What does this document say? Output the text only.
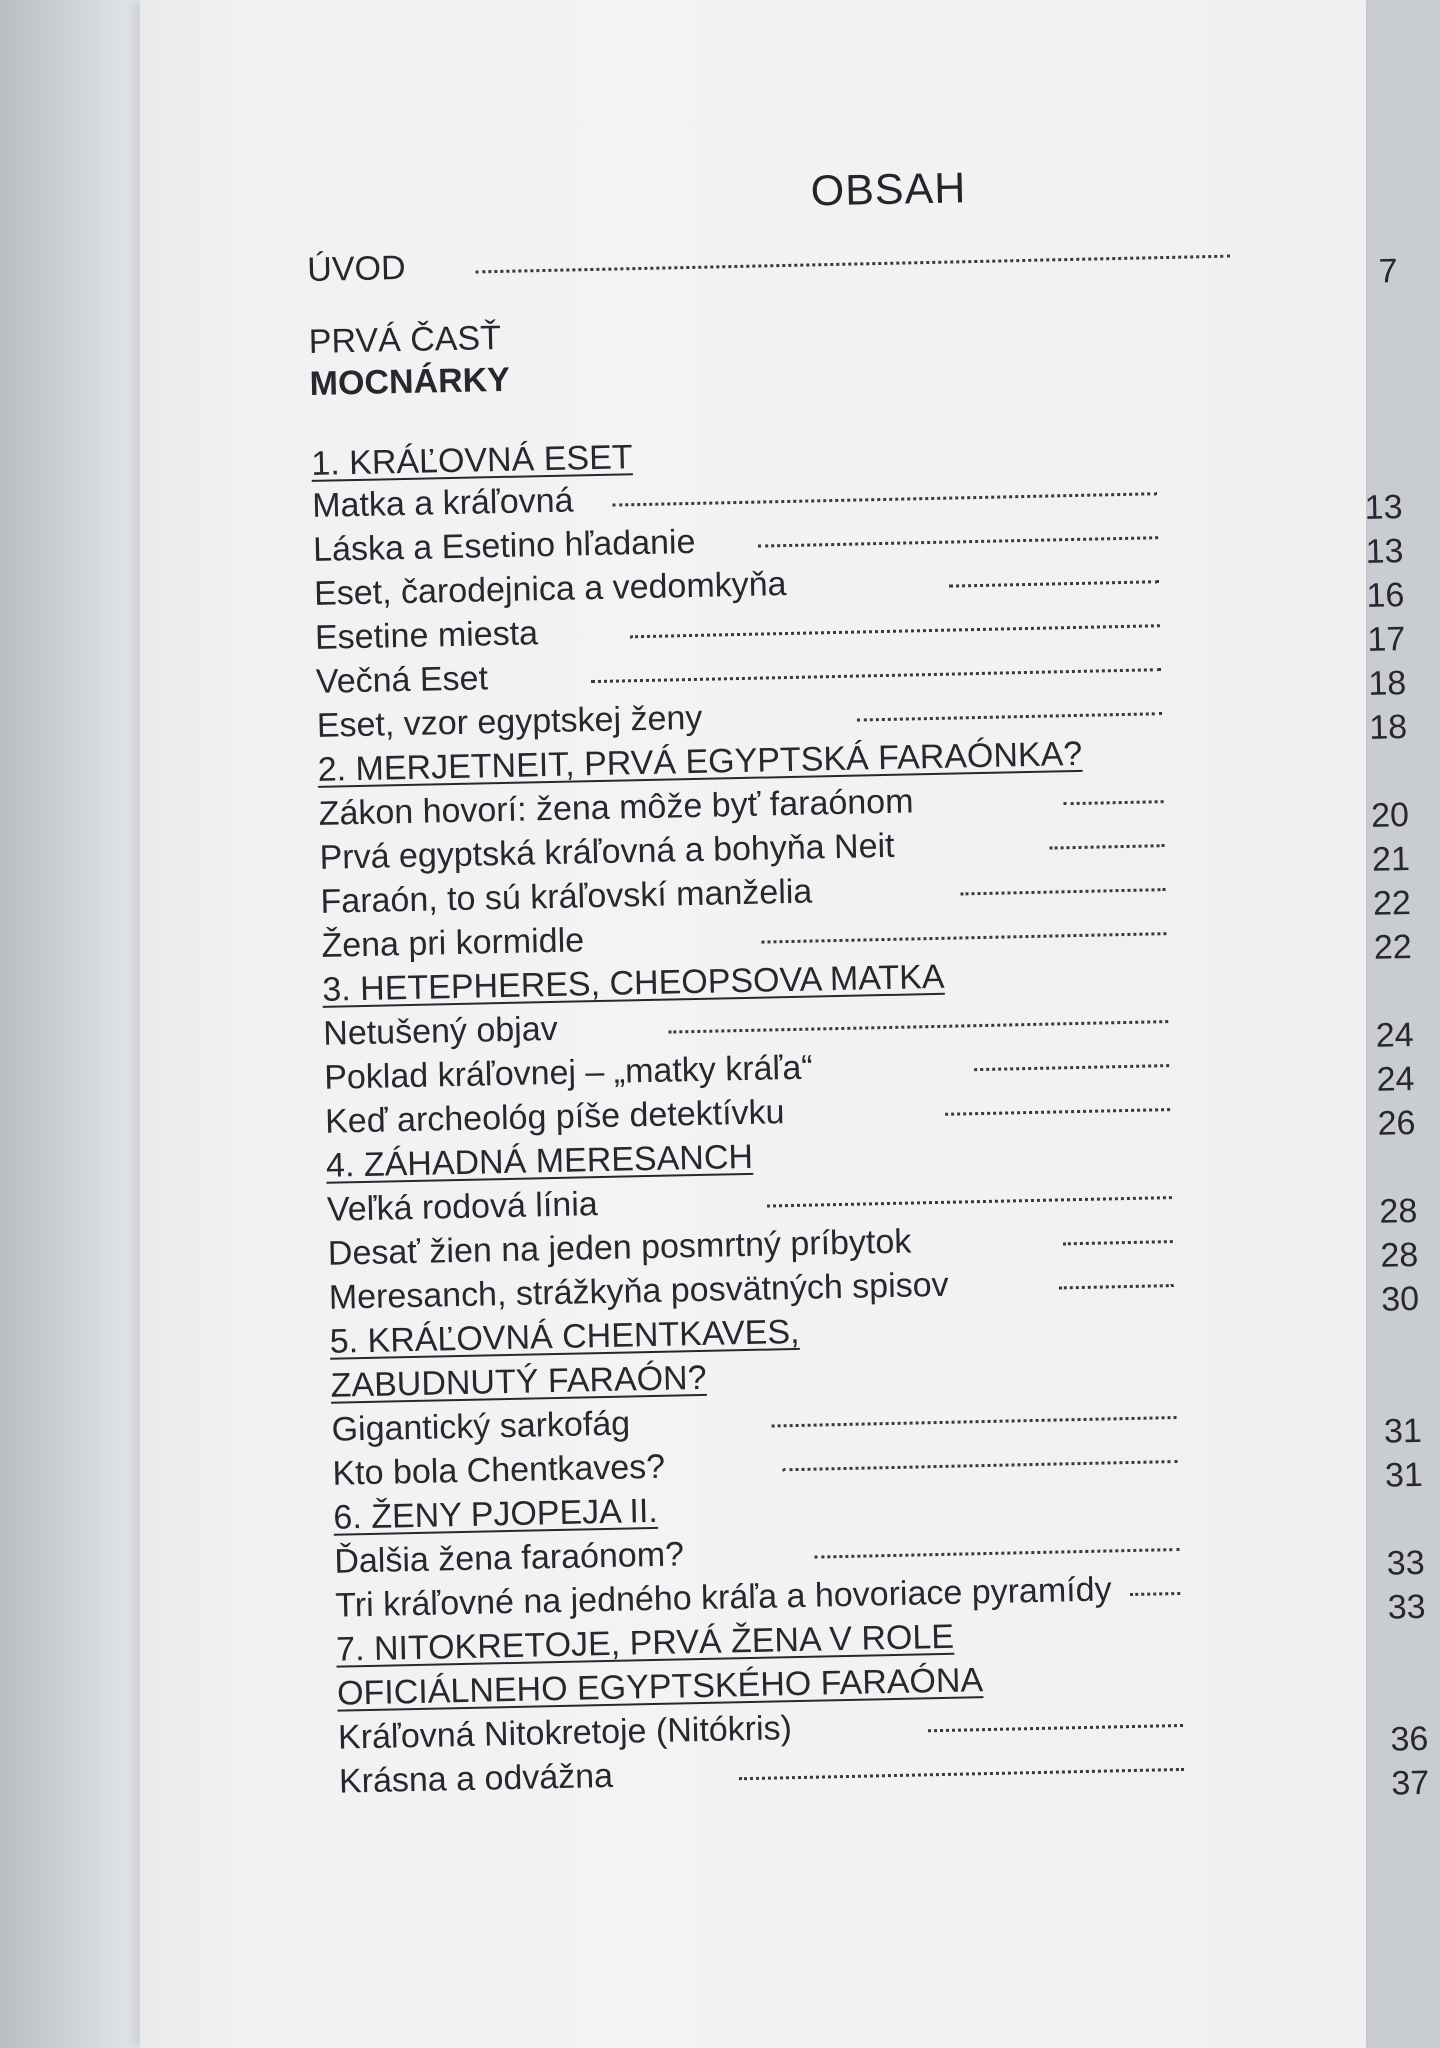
OBSAH
ÚVOD	7
PRVÁ ČASŤ
MOCNÁRKY
1. KRÁĽOVNÁ ESET
Matka a kráľovná	13
Láska a Esetino hľadanie	13
Eset, čarodejnica a vedomkyňa	16
Esetine miesta	17
Večná Eset	18
Eset, vzor egyptskej ženy	18
2. MERJETNEIT, PRVÁ EGYPTSKÁ FARAÓNKA?
Zákon hovorí: žena môže byť faraónom	20
Prvá egyptská kráľovná a bohyňa Neit	21
Faraón, to sú kráľovskí manželia	22
Žena pri kormidle	22
3. HETEPHERES, CHEOPSOVA MATKA
Netušený objav	24
Poklad kráľovnej – „matky kráľa“	24
Keď archeológ píše detektívku	26
4. ZÁHADNÁ MERESANCH
Veľká rodová línia	28
Desať žien na jeden posmrtný príbytok	28
Meresanch, strážkyňa posvätných spisov	30
5. KRÁĽOVNÁ CHENTKAVES,
ZABUDNUTÝ FARAÓN?
Gigantický sarkofág	31
Kto bola Chentkaves?	31
6. ŽENY PJOPEJA II.
Ďalšia žena faraónom?	33
Tri kráľovné na jedného kráľa a hovoriace pyramídy	33
7. NITOKRETOJE, PRVÁ ŽENA V ROLE
OFICIÁLNEHO EGYPTSKÉHO FARAÓNA
Kráľovná Nitokretoje (Nitókris)	36
Krásna a odvážna	37
